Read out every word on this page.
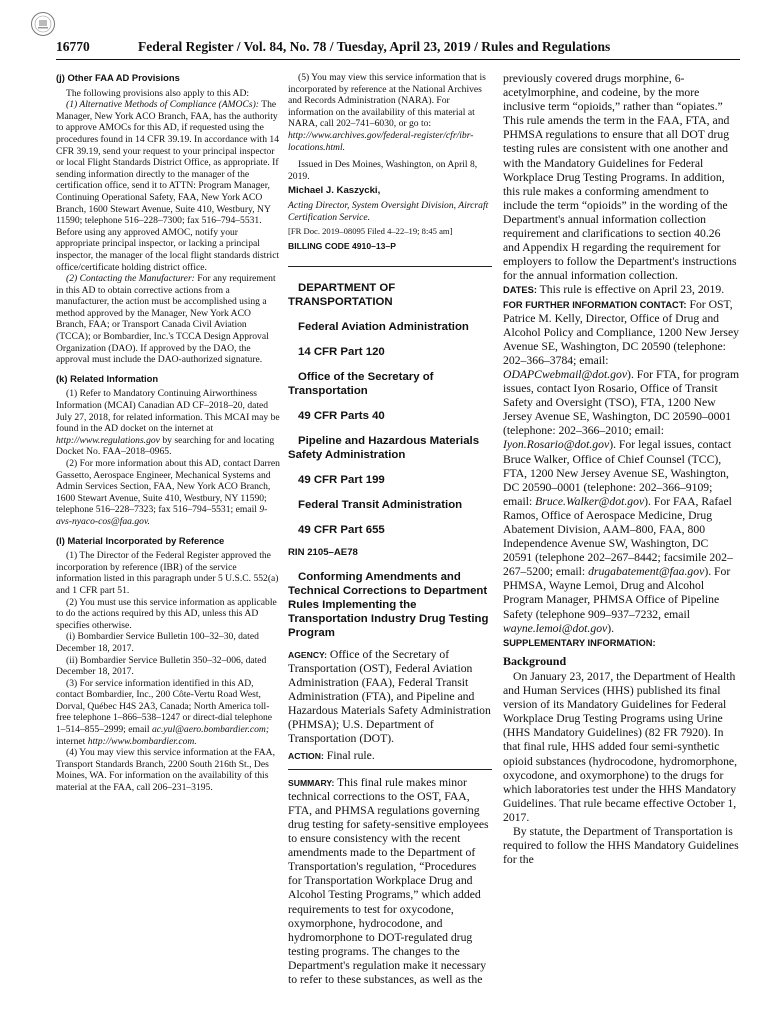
16770	Federal Register / Vol. 84, No. 78 / Tuesday, April 23, 2019 / Rules and Regulations
(j) Other FAA AD Provisions

The following provisions also apply to this AD:

(1) Alternative Methods of Compliance (AMOCs): The Manager, New York ACO Branch, FAA, has the authority to approve AMOCs for this AD, if requested using the procedures found in 14 CFR 39.19. In accordance with 14 CFR 39.19, send your request to your principal inspector or local Flight Standards District Office, as appropriate. If sending information directly to the manager of the certification office, send it to ATTN: Program Manager, Continuing Operational Safety, FAA, New York ACO Branch, 1600 Stewart Avenue, Suite 410, Westbury, NY 11590; telephone 516–228–7300; fax 516–794–5531. Before using any approved AMOC, notify your appropriate principal inspector, or lacking a principal inspector, the manager of the local flight standards district office/certificate holding district office.

(2) Contacting the Manufacturer: For any requirement in this AD to obtain corrective actions from a manufacturer, the action must be accomplished using a method approved by the Manager, New York ACO Branch, FAA; or Transport Canada Civil Aviation (TCCA); or Bombardier, Inc.'s TCCA Design Approval Organization (DAO). If approved by the DAO, the approval must include the DAO-authorized signature.

(k) Related Information

(1) Refer to Mandatory Continuing Airworthiness Information (MCAI) Canadian AD CF–2018–20, dated July 27, 2018, for related information. This MCAI may be found in the AD docket on the internet at http://www.regulations.gov by searching for and locating Docket No. FAA–2018–0965.

(2) For more information about this AD, contact Darren Gassetto, Aerospace Engineer, Mechanical Systems and Admin Services Section, FAA, New York ACO Branch, 1600 Stewart Avenue, Suite 410, Westbury, NY 11590; telephone 516–228–7323; fax 516–794–5531; email 9-avs-nyaco-cos@faa.gov.

(l) Material Incorporated by Reference

(1) The Director of the Federal Register approved the incorporation by reference (IBR) of the service information listed in this paragraph under 5 U.S.C. 552(a) and 1 CFR part 51.

(2) You must use this service information as applicable to do the actions required by this AD, unless this AD specifies otherwise.

(i) Bombardier Service Bulletin 100–32–30, dated December 18, 2017.

(ii) Bombardier Service Bulletin 350–32–006, dated December 18, 2017.

(3) For service information identified in this AD, contact Bombardier, Inc., 200 Côte-Vertu Road West, Dorval, Québec H4S 2A3, Canada; North America toll-free telephone 1–866–538–1247 or direct-dial telephone 1–514–855–2999; email ac.yul@aero.bombardier.com; internet http://www.bombardier.com.

(4) You may view this service information at the FAA, Transport Standards Branch, 2200 South 216th St., Des Moines, WA. For information on the availability of this material at the FAA, call 206–231–3195.

(5) You may view this service information that is incorporated by reference at the National Archives and Records Administration (NARA). For information on the availability of this material at NARA, call 202–741–6030, or go to: http://www.archives.gov/federal-register/cfr/ibr-locations.html.

Issued in Des Moines, Washington, on April 8, 2019.

Michael J. Kaszycki,

Acting Director, System Oversight Division, Aircraft Certification Service.

[FR Doc. 2019–08095 Filed 4–22–19; 8:45 am]

BILLING CODE 4910–13–P

DEPARTMENT OF TRANSPORTATION

Federal Aviation Administration

14 CFR Part 120

Office of the Secretary of Transportation

49 CFR Parts 40

Pipeline and Hazardous Materials Safety Administration

49 CFR Part 199

Federal Transit Administration

49 CFR Part 655

RIN 2105–AE78

Conforming Amendments and Technical Corrections to Department Rules Implementing the Transportation Industry Drug Testing Program

AGENCY: Office of the Secretary of Transportation (OST), Federal Aviation Administration (FAA), Federal Transit Administration (FTA), and Pipeline and Hazardous Materials Safety Administration (PHMSA); U.S. Department of Transportation (DOT).

ACTION: Final rule.

SUMMARY: This final rule makes minor technical corrections to the OST, FAA, FTA, and PHMSA regulations governing drug testing for safety-sensitive employees to ensure consistency with the recent amendments made to the Department of Transportation's regulation, “Procedures for Transportation Workplace Drug and Alcohol Testing Programs,” which added requirements to test for oxycodone, oxymorphone, hydrocodone, and hydromorphone to DOT-regulated drug testing programs. The changes to the Department's regulation make it necessary to refer to these substances, as well as the

previously covered drugs morphine, 6-acetylmorphine, and codeine, by the more inclusive term “opioids,” rather than “opiates.” This rule amends the term in the FAA, FTA, and PHMSA regulations to ensure that all DOT drug testing rules are consistent with one another and with the Mandatory Guidelines for Federal Workplace Drug Testing Programs. In addition, this rule makes a conforming amendment to include the term “opioids” in the wording of the Department's annual information collection requirement and clarifications to section 40.26 and Appendix H regarding the requirement for employers to follow the Department's instructions for the annual information collection.

DATES: This rule is effective on April 23, 2019.

FOR FURTHER INFORMATION CONTACT: For OST, Patrice M. Kelly, Director, Office of Drug and Alcohol Policy and Compliance, 1200 New Jersey Avenue SE, Washington, DC 20590 (telephone: 202–366–3784; email: ODAPCwebmail@dot.gov). For FTA, for program issues, contact Iyon Rosario, Office of Transit Safety and Oversight (TSO), FTA, 1200 New Jersey Avenue SE, Washington, DC 20590–0001 (telephone: 202–366–2010; email: Iyon.Rosario@dot.gov). For legal issues, contact Bruce Walker, Office of Chief Counsel (TCC), FTA, 1200 New Jersey Avenue SE, Washington, DC 20590–0001 (telephone: 202–366–9109; email: Bruce.Walker@dot.gov). For FAA, Rafael Ramos, Office of Aerospace Medicine, Drug Abatement Division, AAM–800, FAA, 800 Independence Avenue SW, Washington, DC 20591 (telephone 202–267–8442; facsimile 202–267–5200; email: drugabatement@faa.gov). For PHMSA, Wayne Lemoi, Drug and Alcohol Program Manager, PHMSA Office of Pipeline Safety (telephone 909–937–7232, email wayne.lemoi@dot.gov).

SUPPLEMENTARY INFORMATION:

Background

On January 23, 2017, the Department of Health and Human Services (HHS) published its final version of its Mandatory Guidelines for Federal Workplace Drug Testing Programs using Urine (HHS Mandatory Guidelines) (82 FR 7920). In that final rule, HHS added four semi-synthetic opioid substances (hydrocodone, hydromorphone, oxycodone, and oxymorphone) to the drugs for which laboratories test under the HHS Mandatory Guidelines. That rule became effective October 1, 2017.

By statute, the Department of Transportation is required to follow the HHS Mandatory Guidelines for the
